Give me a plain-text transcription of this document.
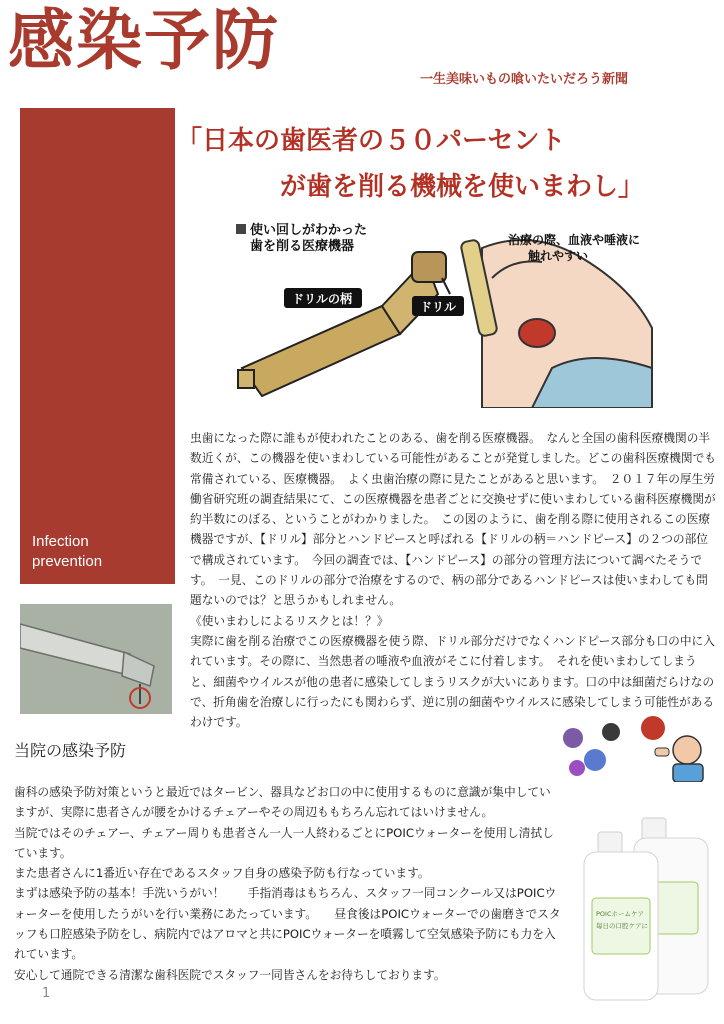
感染予防
一生美味いもの喰いたいだろう新聞
Infection
prevention
「日本の歯医者の５０パーセント
が歯を削る機械を使いまわし」
使い回しがわかった
歯を削る医療機器
ドリルの柄
ドリル
治療の際、血液や唾液に
触れやすい

虫歯になった際に誰もが使われたことのある、歯を削る医療機器。　なんと全国の歯科医療機関の半数近くが、この機器を使いまわしている可能性があることが発覚しました。どこの歯科医療機関でも常備されている、医療機器。　よく虫歯治療の際に見たことがあると思います。　２０１７年の厚生労働省研究班の調査結果にて、この医療機器を患者ごとに交換せずに使いまわしている歯科医療機関が約半数にのぼる、ということがわかりました。　この図のように、歯を削る際に使用されるこの医療機器ですが、【ドリル】部分とハンドピースと呼ばれる【ドリルの柄＝ハンドピース】の２つの部位で構成されています。　今回の調査では、【ハンドピース】の部分の管理方法について調べたそうです。　一見、このドリルの部分で治療をするので、柄の部分であるハンドピースは使いまわしても問題ないのでは？と思うかもしれません。

《使いまわしによるリスクとは！？》

実際に歯を削る治療でこの医療機器を使う際、ドリル部分だけでなくハンドピース部分も口の中に入れています。その際に、当然患者の唾液や血液がそこに付着します。　それを使いまわしてしまうと、細菌やウイルスが他の患者に感染してしまうリスクが大いにあります。口の中は細菌だらけなので、折角歯を治療しに行ったにも関わらず、逆に別の細菌やウイルスに感染してしまう可能性があるわけです。

当院の感染予防

歯科の感染予防対策というと最近ではタービン、器具などお口の中に使用するものに意識が集中していますが、実際に患者さんが腰をかけるチェアーやその周辺ももちろん忘れてはいけません。

当院ではそのチェアー、チェアー周りも患者さん一人一人終わるごとにPOICウォーターを使用し清拭しています。

また患者さんに1番近い存在であるスタッフ自身の感染予防も行なっています。

まずは感染予防の基本！手洗いうがい！　　手指消毒はもちろん、スタッフ一同コンクール又はPOICウォーターを使用したうがいを行い業務にあたっています。　　昼食後はPOICウォーターでの歯磨きでスタッフも口腔感染予防をし、病院内ではアロマと共にPOICウォーターを噴霧して空気感染予防にも力を入れています。

安心して通院できる清潔な歯科医院でスタッフ一同皆さんをお待ちしております。

POICホームケア
毎日の口腔ケアに
1
